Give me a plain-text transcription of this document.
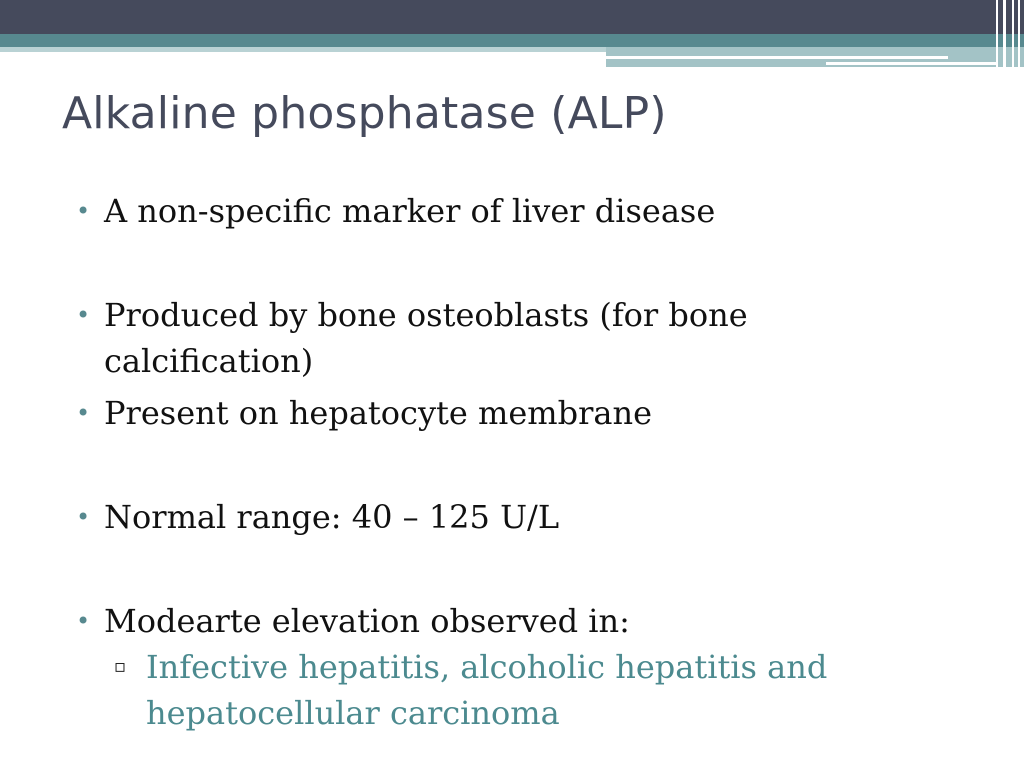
Alkaline phosphatase (ALP)
• A non-specific marker of liver disease
• Produced by bone osteoblasts (for bone calcification)
• Present on hepatocyte membrane
• Normal range: 40 – 125 U/L
• Modearte elevation observed in:
▫ Infective hepatitis, alcoholic hepatitis and hepatocellular carcinoma
